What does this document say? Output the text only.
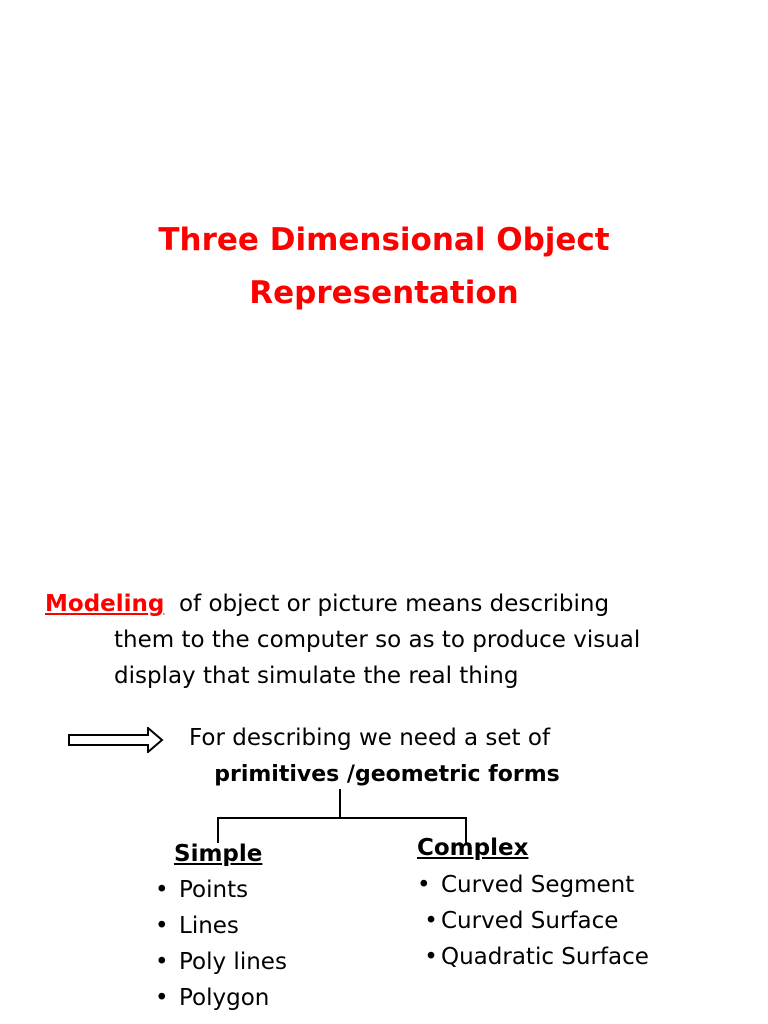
Three Dimensional Object
Representation
Modeling of object or picture means describing
them to the computer so as to produce visual
display that simulate the real thing
For describing we need a set of
primitives /geometric forms
Simple
• Points
• Lines
• Poly lines
• Polygon
Complex
• Curved Segment
• Curved Surface
• Quadratic Surface
